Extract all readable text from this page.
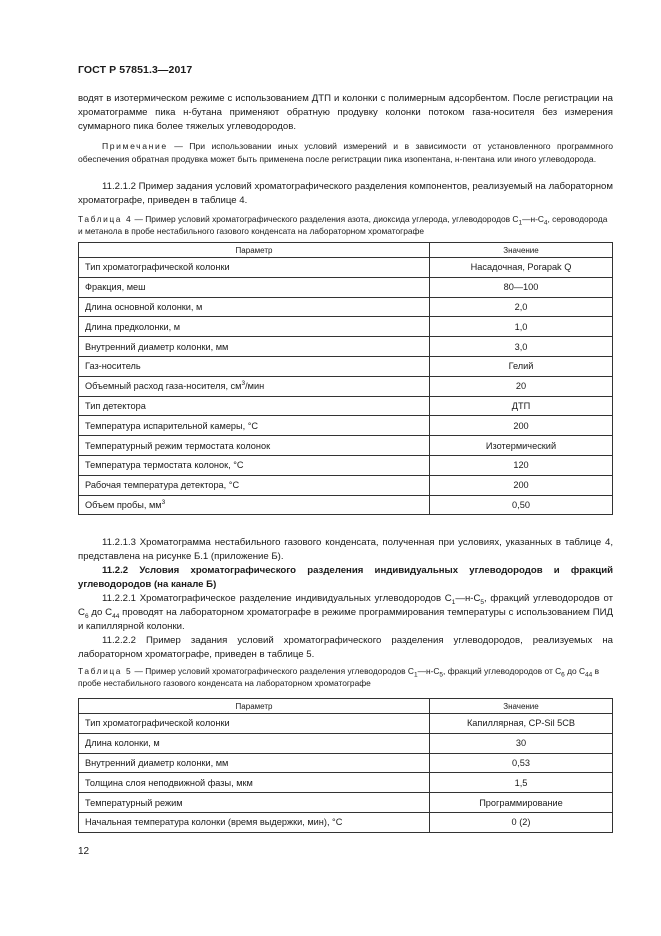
ГОСТ Р 57851.3—2017
водят в изотермическом режиме с использованием ДТП и колонки с полимерным адсорбентом. После регистрации на хроматограмме пика н-бутана применяют обратную продувку колонки потоком газа-носителя без измерения суммарного пика более тяжелых углеводородов.
Примечание — При использовании иных условий измерений и в зависимости от установленного программного обеспечения обратная продувка может быть применена после регистрации пика изопентана, н-пентана или иного углеводорода.
11.2.1.2 Пример задания условий хроматографического разделения компонентов, реализуемый на лабораторном хроматографе, приведен в таблице 4.
Таблица 4 — Пример условий хроматографического разделения азота, диоксида углерода, углеводородов $С_1—н-С_4$, сероводорода и метанола в пробе нестабильного газового конденсата на лабораторном хроматографе
Параметр	Значение
Тип хроматографической колонки	Насадочная, Porapak Q
Фракция, меш	80—100
Длина основной колонки, м	2,0
Длина предколонки, м	1,0
Внутренний диаметр колонки, мм	3,0
Газ-носитель	Гелий
Объемный расход газа-носителя, $см^3$/мин	20
Тип детектора	ДТП
Температура испарительной камеры, °С	200
Температурный режим термостата колонок	Изотермический
Температура термостата колонок, °С	120
Рабочая температура детектора, °С	200
Объем пробы, $мм^3$	0,50
11.2.1.3 Хроматограмма нестабильного газового конденсата, полученная при условиях, указанных в таблице 4, представлена на рисунке Б.1 (приложение Б).
11.2.2 Условия хроматографического разделения индивидуальных углеводородов и фракций углеводородов (на канале Б)
11.2.2.1 Хроматографическое разделение индивидуальных углеводородов $С_1—н-С_5$, фракций углеводородов от $С_6$ до $С_{44}$ проводят на лабораторном хроматографе в режиме программирования температуры с использованием ПИД и капиллярной колонки.
11.2.2.2 Пример задания условий хроматографического разделения углеводородов, реализуемых на лабораторном хроматографе, приведен в таблице 5.
Таблица 5 — Пример условий хроматографического разделения углеводородов $С_1—н-С_5$, фракций углеводородов от $С_6$ до $С_{44}$ в пробе нестабильного газового конденсата на лабораторном хроматографе
Параметр	Значение
Тип хроматографической колонки	Капиллярная, CP-Sil 5CB
Длина колонки, м	30
Внутренний диаметр колонки, мм	0,53
Толщина слоя неподвижной фазы, мкм	1,5
Температурный режим	Программирование
Начальная температура колонки (время выдержки, мин), °С	0 (2)
12
